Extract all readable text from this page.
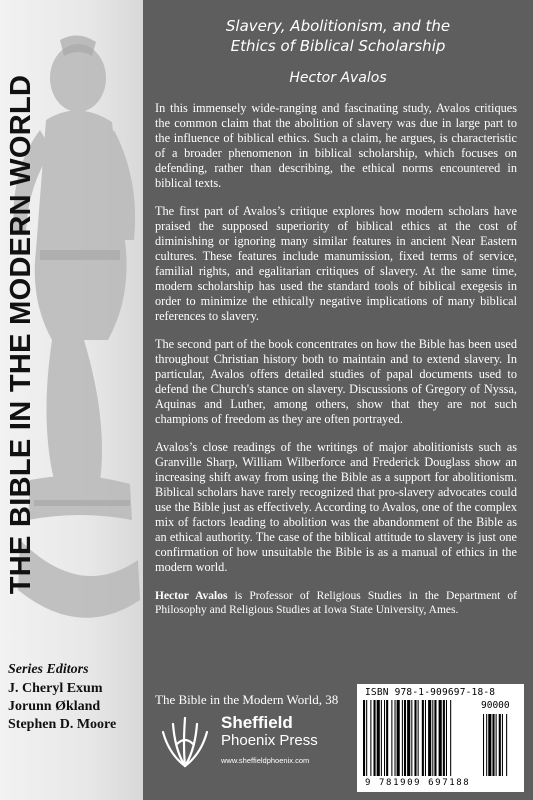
THE BIBLE IN THE MODERN WORLD
Series Editors
J. Cheryl Exum
Jorunn Økland
Stephen D. Moore
Slavery, Abolitionism, and the
Ethics of Biblical Scholarship
Hector Avalos

In this immensely wide-ranging and fascinating study, Avalos critiques the common claim that the abolition of slavery was due in large part to the influence of biblical ethics. Such a claim, he argues, is characteristic of a broader phenomenon in biblical scholarship, which focuses on defending, rather than describing, the ethical norms encountered in biblical texts.

The first part of Avalos’s critique explores how modern scholars have praised the supposed superiority of biblical ethics at the cost of diminishing or ignoring many similar features in ancient Near Eastern cultures. These features include manumission, fixed terms of service, familial rights, and egalitarian critiques of slavery. At the same time, modern scholarship has used the standard tools of biblical exegesis in order to minimize the ethically negative implications of many biblical references to slavery.

The second part of the book concentrates on how the Bible has been used throughout Christian history both to maintain and to extend slavery. In particular, Avalos offers detailed studies of papal documents used to defend the Church's stance on slavery. Discussions of Gregory of Nyssa, Aquinas and Luther, among others, show that they are not such champions of freedom as they are often portrayed.

Avalos’s close readings of the writings of major abolitionists such as Granville Sharp, William Wilberforce and Frederick Douglass show an increasing shift away from using the Bible as a support for abolitionism. Biblical scholars have rarely recognized that pro-slavery advocates could use the Bible just as effectively. According to Avalos, one of the complex mix of factors leading to abolition was the abandonment of the Bible as an ethical authority. The case of the biblical attitude to slavery is just one confirmation of how unsuitable the Bible is as a manual of ethics in the modern world.

Hector Avalos is Professor of Religious Studies in the Department of Philosophy and Religious Studies at Iowa State University, Ames.

The Bible in the Modern World, 38
Sheffield
Phoenix Press
www.sheffieldphoenix.com
ISBN 978-1-909697-18-8
90000
9 781909 697188
